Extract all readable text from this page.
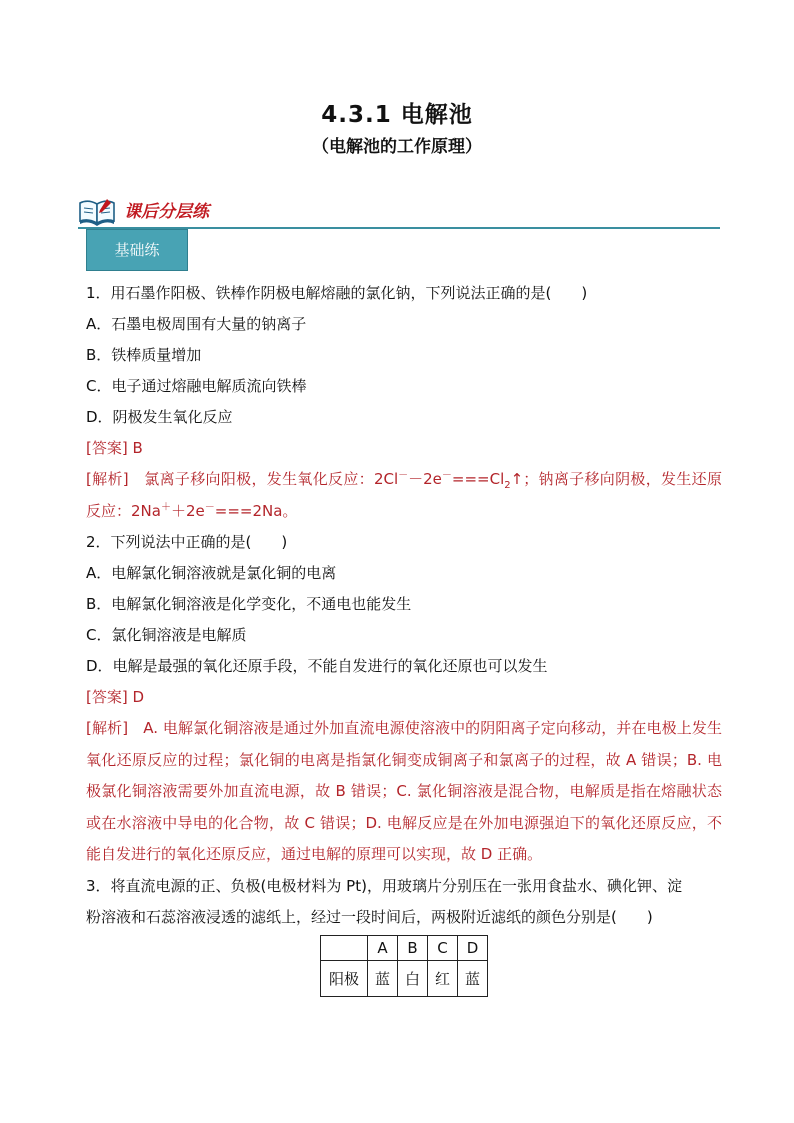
4.3.1 电解池
（电解池的工作原理）
课后分层练
基础练
1．用石墨作阳极、铁棒作阴极电解熔融的氯化钠，下列说法正确的是(　　)
A．石墨电极周围有大量的钠离子
B．铁棒质量增加
C．电子通过熔融电解质流向铁棒
D．阴极发生氧化反应
[答案] B
[解析]　 氯离子移向阳极，发生氧化反应：$2Cl^--2e^-===Cl_2↑$；钠离子移向阴极，发生还原反应：2Na＋＋2e－===2Na。
2．下列说法中正确的是(　　)
A．电解氯化铜溶液就是氯化铜的电离
B．电解氯化铜溶液是化学变化，不通电也能发生
C．氯化铜溶液是电解质
D．电解是最强的氧化还原手段，不能自发进行的氧化还原也可以发生
[答案] D
[解析]　 A. 电解氯化铜溶液是通过外加直流电源使溶液中的阴阳离子定向移动，并在电极上发生氧化还原反应的过程；氯化铜的电离是指氯化铜变成铜离子和氯离子的过程，故 A 错误；B. 电极氯化铜溶液需要外加直流电源，故 B 错误；C. 氯化铜溶液是混合物，电解质是指在熔融状态或在水溶液中导电的化合物，故 C 错误；D. 电解反应是在外加电源强迫下的氧化还原反应，不能自发进行的氧化还原反应，通过电解的原理可以实现，故 D 正确。
3．将直流电源的正、负极(电极材料为 Pt)，用玻璃片分别压在一张用食盐水、碘化钾、淀
粉溶液和石蕊溶液浸透的滤纸上，经过一段时间后，两极附近滤纸的颜色分别是(　　)
	A	B	C	D
阳极	蓝	白	红	蓝
